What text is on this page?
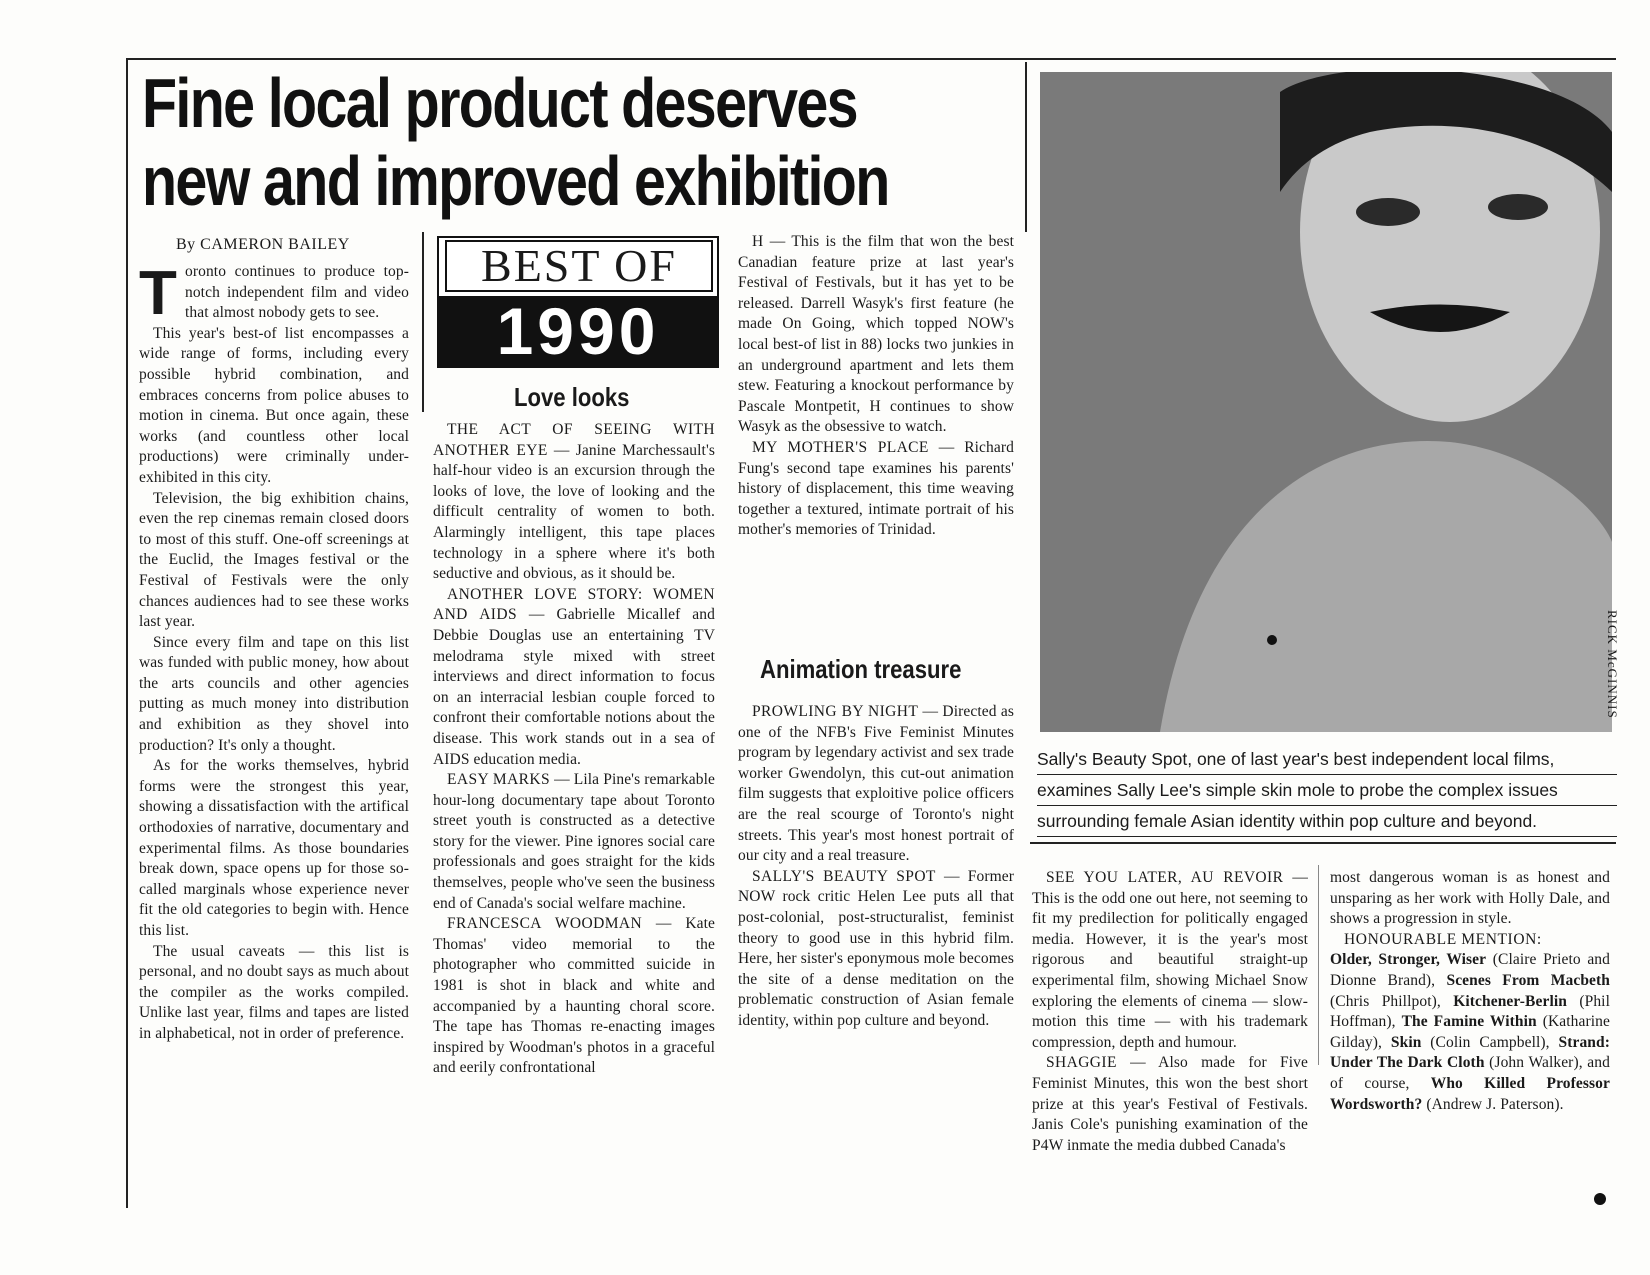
Fine local product deserves
new and improved exhibition
By CAMERON BAILEY

Toronto continues to produce top-notch independent film and video that almost nobody gets to see.

This year's best-of list encompasses a wide range of forms, including every possible hybrid combination, and embraces concerns from police abuses to motion in cinema. But once again, these works (and countless other local productions) were criminally under-exhibited in this city.

Television, the big exhibition chains, even the rep cinemas remain closed doors to most of this stuff. One-off screenings at the Euclid, the Images festival or the Festival of Festivals were the only chances audiences had to see these works last year.

Since every film and tape on this list was funded with public money, how about the arts councils and other agencies putting as much money into distribution and exhibition as they shovel into production? It's only a thought.

As for the works themselves, hybrid forms were the strongest this year, showing a dissatisfaction with the artifical orthodoxies of narrative, documentary and experimental films. As those boundaries break down, space opens up for those so-called marginals whose experience never fit the old categories to begin with. Hence this list.

The usual caveats — this list is personal, and no doubt says as much about the compiler as the works compiled. Unlike last year, films and tapes are listed in alphabetical, not in order of preference.

BEST OF
1990
Love looks

THE ACT OF SEEING WITH ANOTHER EYE — Janine Marchessault's half-hour video is an excursion through the looks of love, the love of looking and the difficult centrality of women to both. Alarmingly intelligent, this tape places technology in a sphere where it's both seductive and obvious, as it should be.

ANOTHER LOVE STORY: WOMEN AND AIDS — Gabrielle Micallef and Debbie Douglas use an entertaining TV melodrama style mixed with street interviews and direct information to focus on an interracial lesbian couple forced to confront their comfortable notions about the disease. This work stands out in a sea of AIDS education media.

EASY MARKS — Lila Pine's remarkable hour-long documentary tape about Toronto street youth is constructed as a detective story for the viewer. Pine ignores social care professionals and goes straight for the kids themselves, people who've seen the business end of Canada's social welfare machine.

FRANCESCA WOODMAN — Kate Thomas' video memorial to the photographer who committed suicide in 1981 is shot in black and white and accompanied by a haunting choral score. The tape has Thomas re-enacting images inspired by Woodman's photos in a graceful and eerily confrontational

H — This is the film that won the best Canadian feature prize at last year's Festival of Festivals, but it has yet to be released. Darrell Wasyk's first feature (he made On Going, which topped NOW's local best-of list in 88) locks two junkies in an underground apartment and lets them stew. Featuring a knockout performance by Pascale Montpetit, H continues to show Wasyk as the obsessive to watch.

MY MOTHER'S PLACE — Richard Fung's second tape examines his parents' history of displacement, this time weaving together a textured, intimate portrait of his mother's memories of Trinidad.

Animation treasure

PROWLING BY NIGHT — Directed as one of the NFB's Five Feminist Minutes program by legendary activist and sex trade worker Gwendolyn, this cut-out animation film suggests that exploitive police officers are the real scourge of Toronto's night streets. This year's most honest portrait of our city and a real treasure.

SALLY'S BEAUTY SPOT — Former NOW rock critic Helen Lee puts all that post-colonial, post-structuralist, feminist theory to good use in this hybrid film. Here, her sister's eponymous mole becomes the site of a dense meditation on the problematic construction of Asian female identity, within pop culture and beyond.

RICK McGINNIS
Sally's Beauty Spot, one of last year's best independent local films,
examines Sally Lee's simple skin mole to probe the complex issues
surrounding female Asian identity within pop culture and beyond.

SEE YOU LATER, AU REVOIR — This is the odd one out here, not seeming to fit my predilection for politically engaged media. However, it is the year's most rigorous and beautiful straight-up experimental film, showing Michael Snow exploring the elements of cinema — slow-motion this time — with his trademark compression, depth and humour.

SHAGGIE — Also made for Five Feminist Minutes, this won the best short prize at this year's Festival of Festivals. Janis Cole's punishing examination of the P4W inmate the media dubbed Canada's

most dangerous woman is as honest and unsparing as her work with Holly Dale, and shows a progression in style.

HONOURABLE MENTION:

Older, Stronger, Wiser (Claire Prieto and Dionne Brand), Scenes From Macbeth (Chris Phillpot), Kitchener-Berlin (Phil Hoffman), The Famine Within (Katharine Gilday), Skin (Colin Campbell), Strand: Under The Dark Cloth (John Walker), and of course, Who Killed Professor Wordsworth? (Andrew J. Paterson).
